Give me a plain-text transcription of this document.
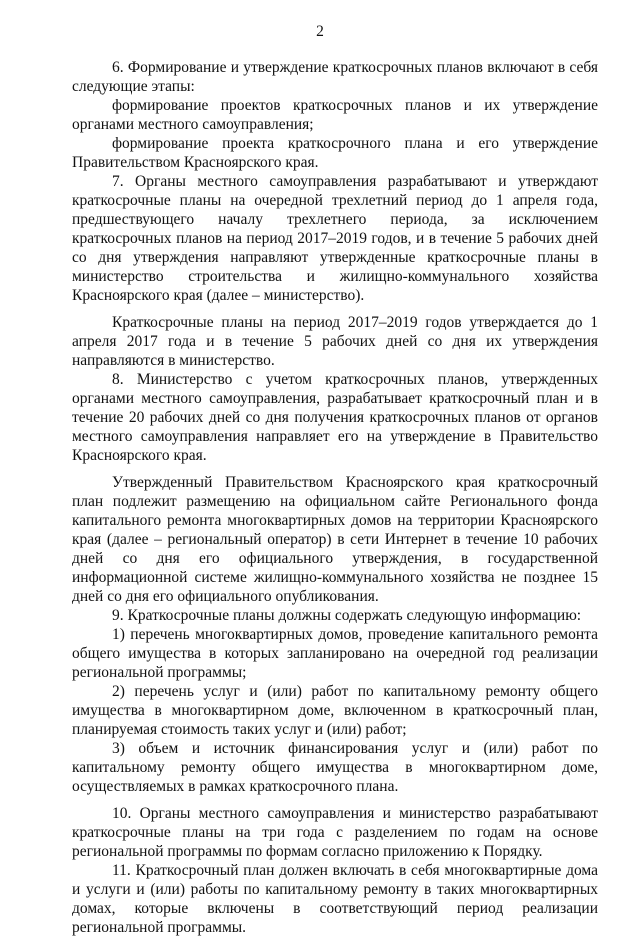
2

6. Формирование и утверждение краткосрочных планов включают в себя следующие этапы:

формирование проектов краткосрочных планов и их утверждение органами местного самоуправления;

формирование проекта краткосрочного плана и его утверждение Правительством Красноярского края.

7. Органы местного самоуправления разрабатывают и утверждают краткосрочные планы на очередной трехлетний период до 1 апреля года, предшествующего началу трехлетнего периода, за исключением краткосрочных планов на период 2017–2019 годов, и в течение 5 рабочих дней со дня утверждения направляют утвержденные краткосрочные планы в министерство строительства и жилищно-коммунального хозяйства Красноярского края (далее – министерство).

Краткосрочные планы на период 2017–2019 годов утверждается до 1 апреля 2017 года и в течение 5 рабочих дней со дня их утверждения направляются в министерство.

8. Министерство с учетом краткосрочных планов, утвержденных органами местного самоуправления, разрабатывает краткосрочный план и в течение 20 рабочих дней со дня получения краткосрочных планов от органов местного самоуправления направляет его на утверждение в Правительство Красноярского края.

Утвержденный Правительством Красноярского края краткосрочный план подлежит размещению на официальном сайте Регионального фонда капитального ремонта многоквартирных домов на территории Красноярского края (далее – региональный оператор) в сети Интернет в течение 10 рабочих дней со дня его официального утверждения, в государственной информационной системе жилищно-коммунального хозяйства не позднее 15 дней со дня его официального опубликования.

9. Краткосрочные планы должны содержать следующую информацию:

1) перечень многоквартирных домов, проведение капитального ремонта общего имущества в которых запланировано на очередной год реализации региональной программы;

2) перечень услуг и (или) работ по капитальному ремонту общего имущества в многоквартирном доме, включенном в краткосрочный план, планируемая стоимость таких услуг и (или) работ;

3) объем и источник финансирования услуг и (или) работ по капитальному ремонту общего имущества в многоквартирном доме, осуществляемых в рамках краткосрочного плана.

10. Органы местного самоуправления и министерство разрабатывают краткосрочные планы на три года с разделением по годам на основе региональной программы по формам согласно приложению к Порядку.

11. Краткосрочный план должен включать в себя многоквартирные дома и услуги и (или) работы по капитальному ремонту в таких многоквартирных домах, которые включены в соответствующий период реализации региональной программы.
